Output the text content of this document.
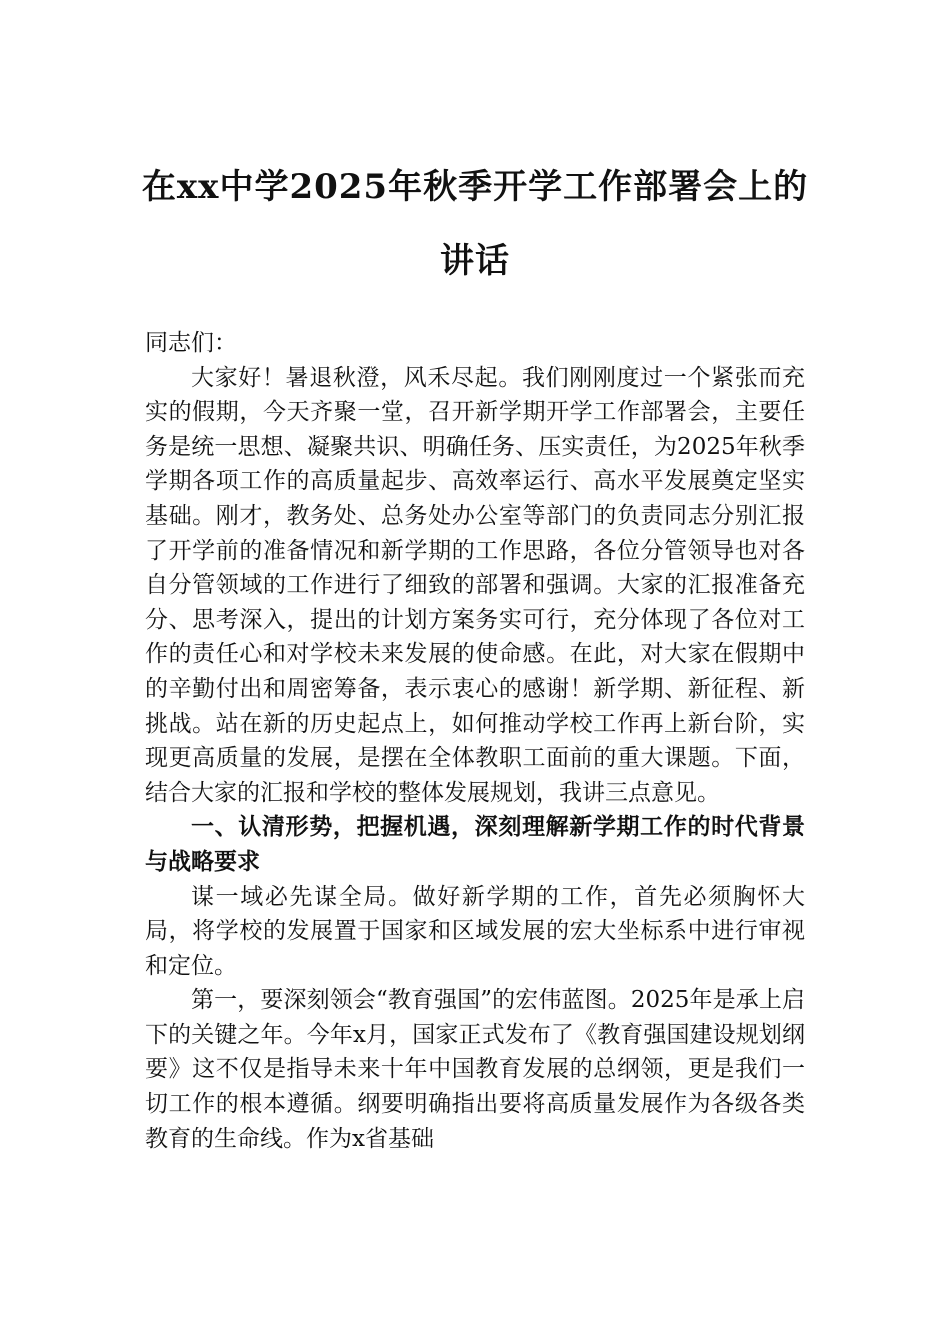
在xx中学2025年秋季开学工作部署会上的
讲话

同志们：

大家好！暑退秋澄，风禾尽起。我们刚刚度过一个紧张而充实的假期，今天齐聚一堂，召开新学期开学工作部署会，主要任务是统一思想、凝聚共识、明确任务、压实责任，为2025年秋季学期各项工作的高质量起步、高效率运行、高水平发展奠定坚实基础。刚才，教务处、总务处办公室等部门的负责同志分别汇报了开学前的准备情况和新学期的工作思路，各位分管领导也对各自分管领域的工作进行了细致的部署和强调。大家的汇报准备充分、思考深入，提出的计划方案务实可行，充分体现了各位对工作的责任心和对学校未来发展的使命感。在此，对大家在假期中的辛勤付出和周密筹备，表示衷心的感谢！新学期、新征程、新挑战。站在新的历史起点上，如何推动学校工作再上新台阶，实现更高质量的发展，是摆在全体教职工面前的重大课题。下面，结合大家的汇报和学校的整体发展规划，我讲三点意见。

一、认清形势，把握机遇，深刻理解新学期工作的时代背景与战略要求

谋一域必先谋全局。做好新学期的工作，首先必须胸怀大局，将学校的发展置于国家和区域发展的宏大坐标系中进行审视和定位。

第一，要深刻领会“教育强国”的宏伟蓝图。2025年是承上启下的关键之年。今年x月，国家正式发布了《教育强国建设规划纲要》这不仅是指导未来十年中国教育发展的总纲领，更是我们一切工作的根本遵循。纲要明确指出要将高质量发展作为各级各类教育的生命线。作为x省基础
